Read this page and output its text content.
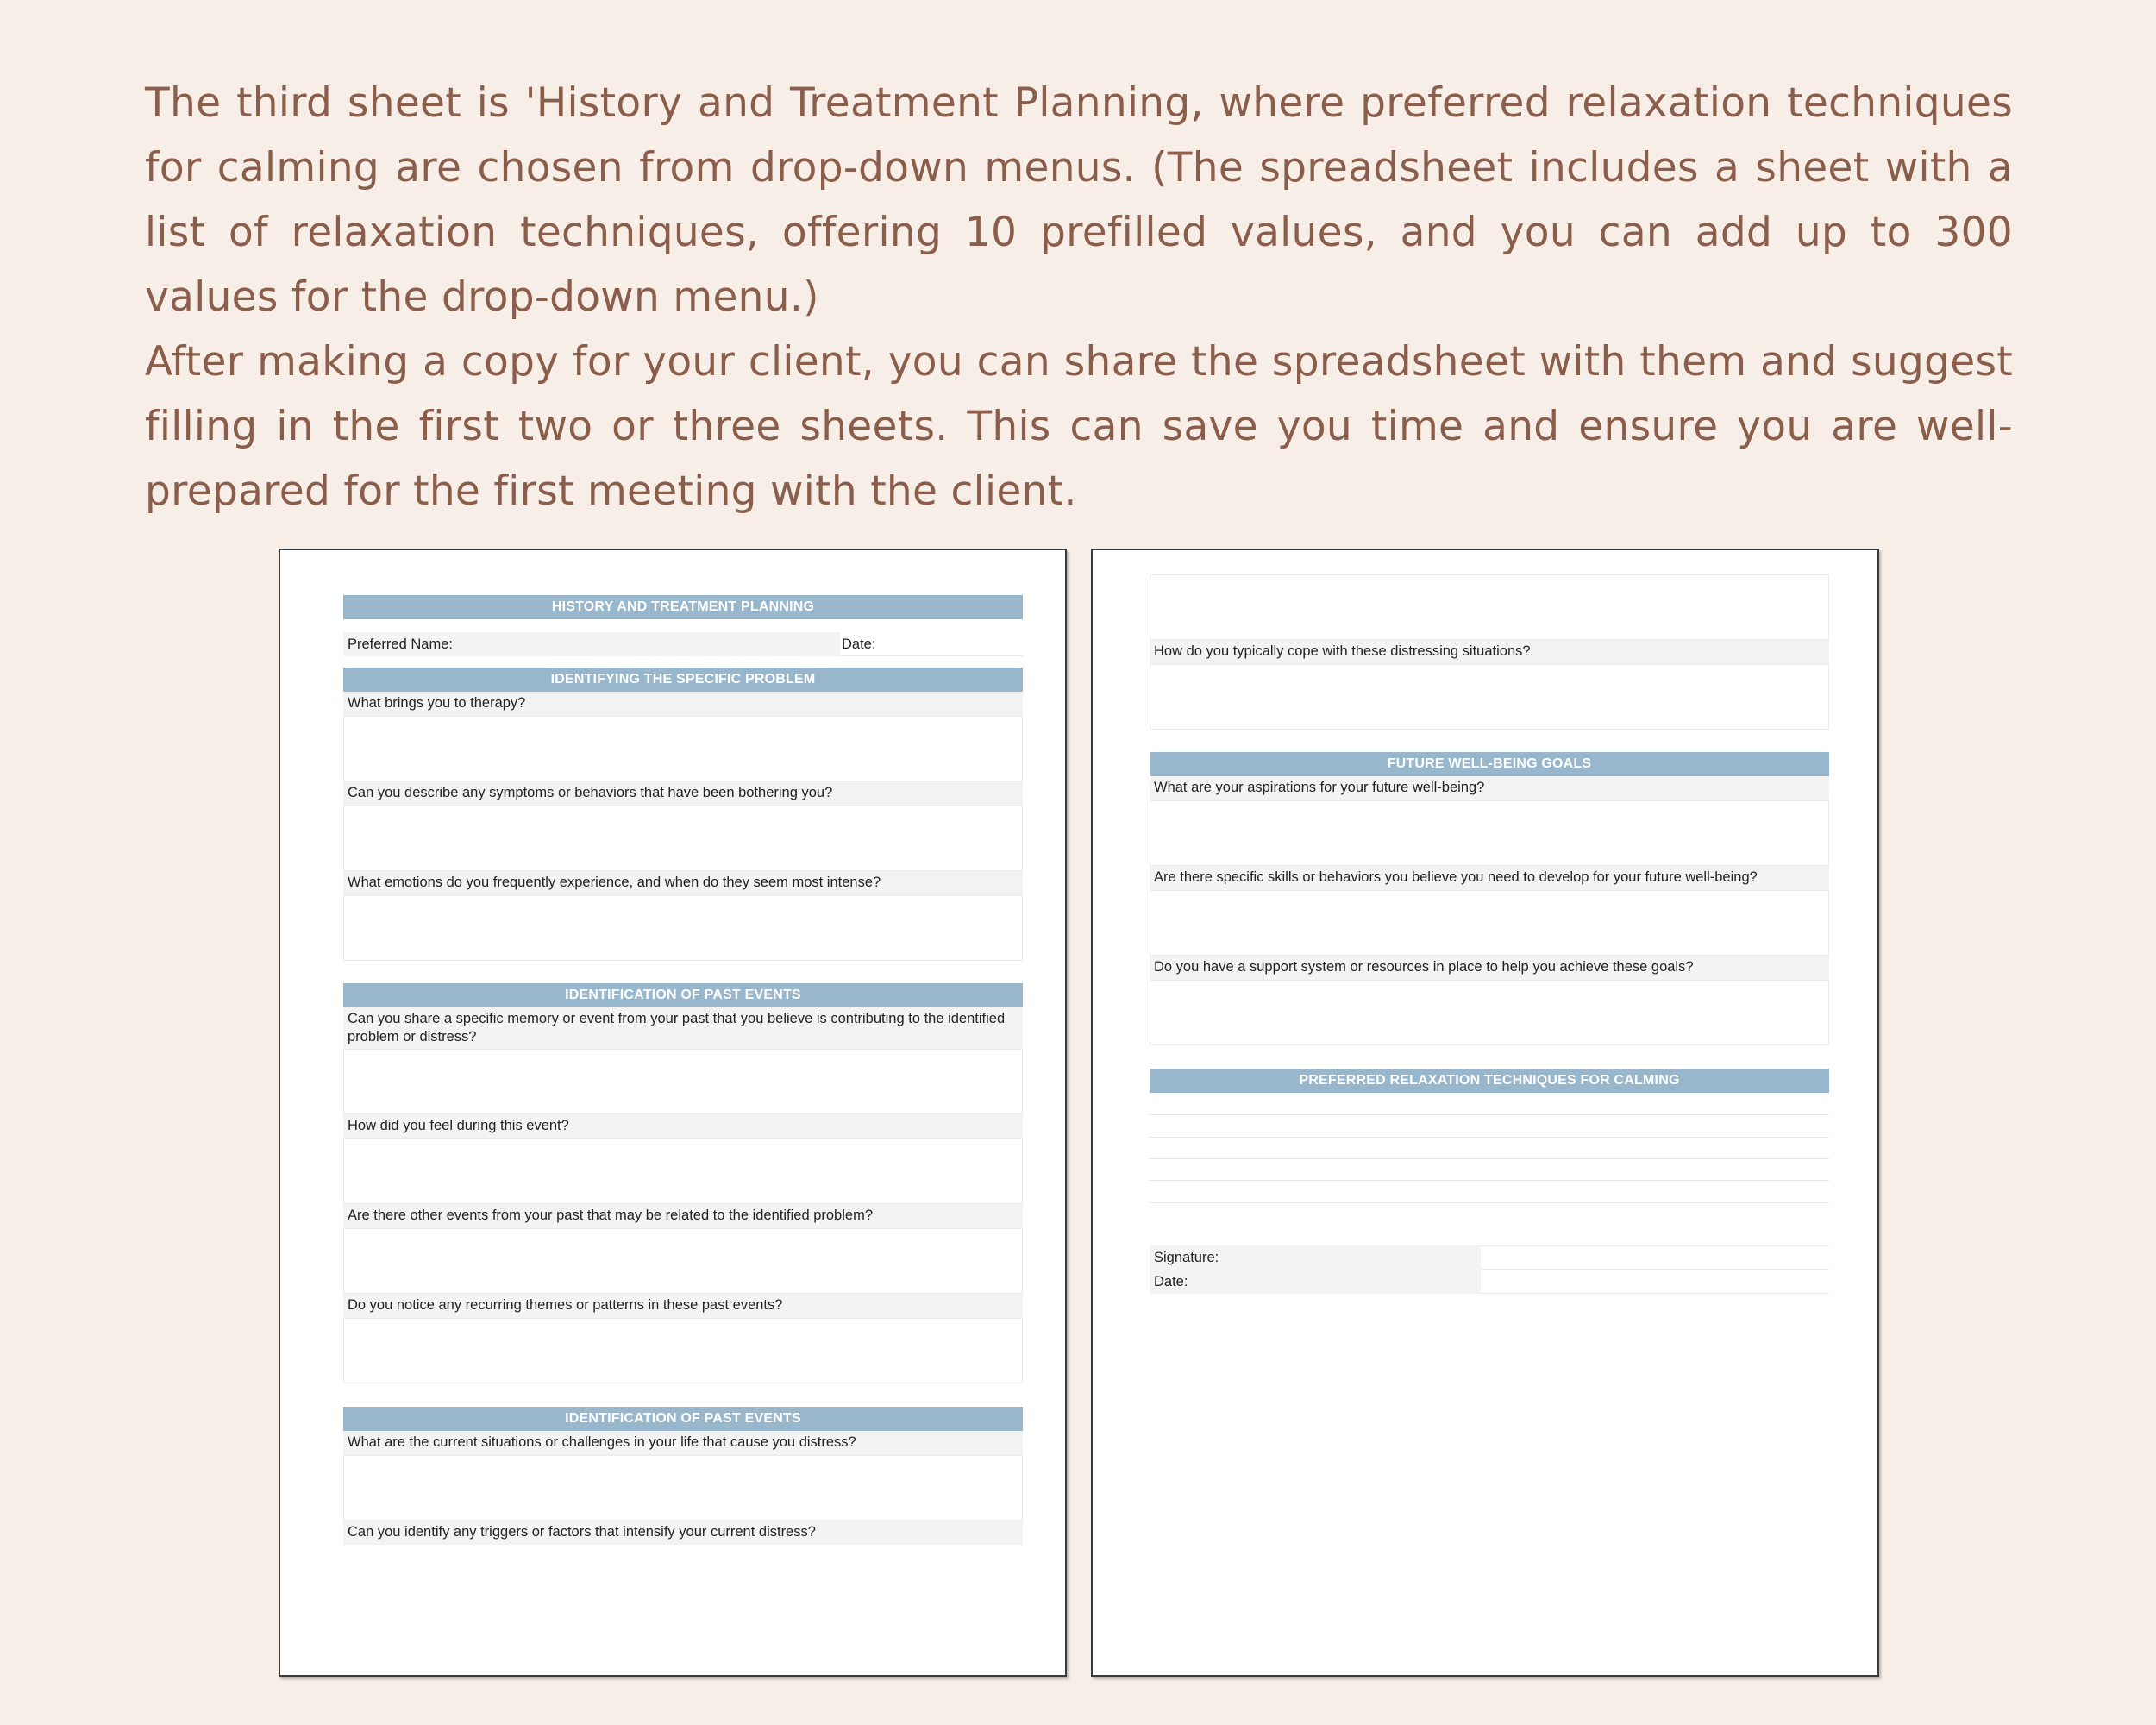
The third sheet is 'History and Treatment Planning, where preferred relaxation techniques for calming are chosen from drop-down menus. (The spreadsheet includes a sheet with a list of relaxation techniques, offering 10 prefilled values, and you can add up to 300 values for the drop-down menu.)

After making a copy for your client, you can share the spreadsheet with them and suggest filling in the first two or three sheets. This can save you time and ensure you are well-prepared for the first meeting with the client.

HISTORY AND TREATMENT PLANNING
Preferred Name:	Date:
IDENTIFYING THE SPECIFIC PROBLEM
What brings you to therapy?
Can you describe any symptoms or behaviors that have been bothering you?
What emotions do you frequently experience, and when do they seem most intense?
IDENTIFICATION OF PAST EVENTS
Can you share a specific memory or event from your past that you believe is contributing to the identified problem or distress?
How did you feel during this event?
Are there other events from your past that may be related to the identified problem?
Do you notice any recurring themes or patterns in these past events?
IDENTIFICATION OF PAST EVENTS
What are the current situations or challenges in your life that cause you distress?
Can you identify any triggers or factors that intensify your current distress?
How do you typically cope with these distressing situations?
FUTURE WELL-BEING GOALS
What are your aspirations for your future well-being?
Are there specific skills or behaviors you believe you need to develop for your future well-being?
Do you have a support system or resources in place to help you achieve these goals?
PREFERRED RELAXATION TECHNIQUES FOR CALMING
Signature:
Date:
